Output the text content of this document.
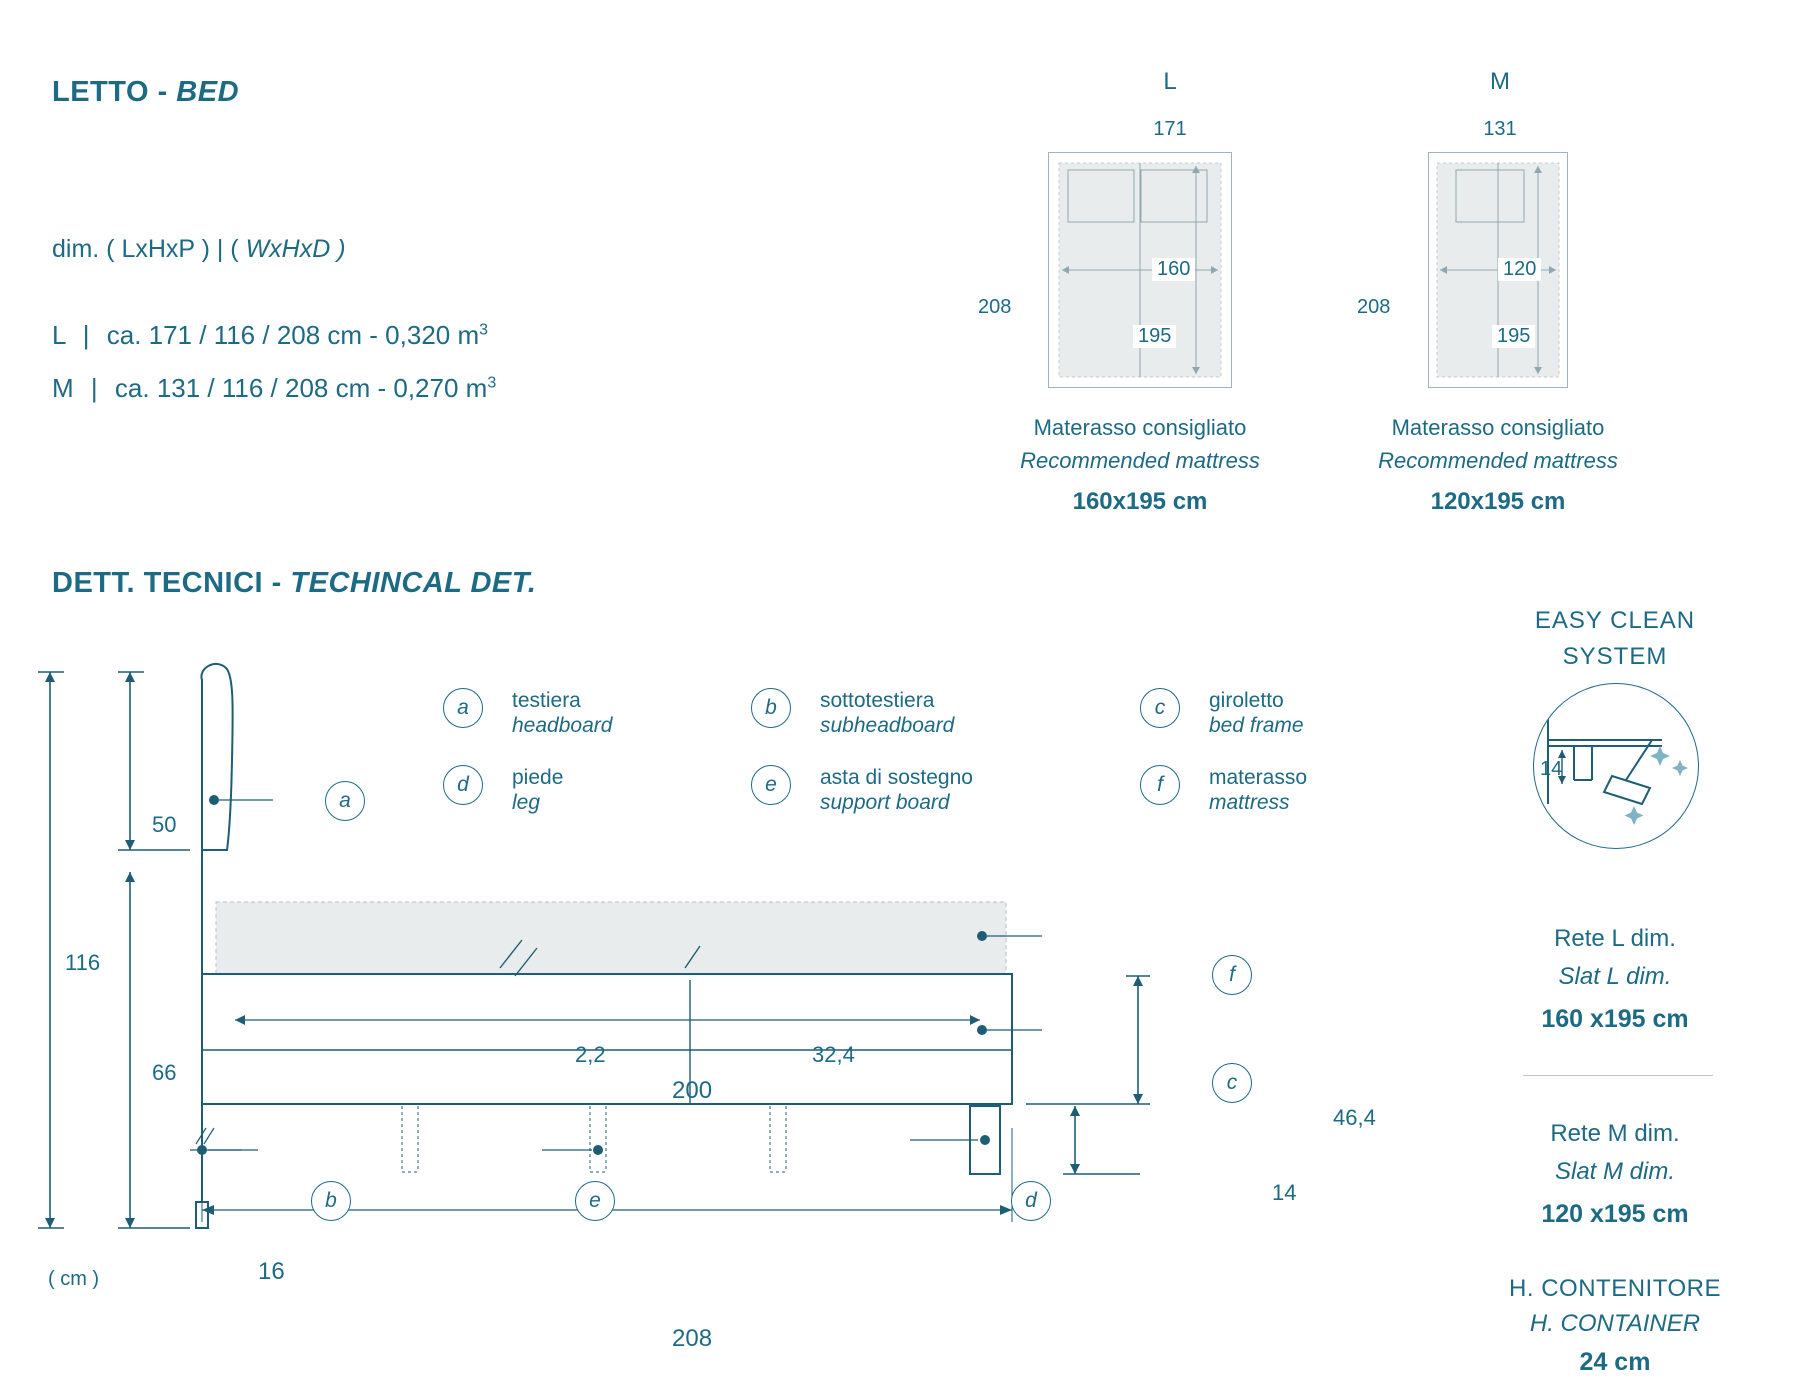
LETTO - BED
dim. ( LxHxP ) | ( WxHxD )
L | ca. 171 / 116 / 208 cm - 0,320 $m^3$
M | ca. 131 / 116 / 208 cm - 0,270 $m^3$
L
171
208
160
195
Materasso consigliato
Recommended mattress
160x195 cm
M
131
208
120
195
Materasso consigliato
Recommended mattress
120x195 cm
DETT. TECNICI - TECHINCAL DET.
a	testiera
headboard
b	sottotestiera
subheadboard
c	giroletto
bed frame
d	piede
leg
e	asta di sostegno
support board
f	materasso
mattress
50
116
66
2,2	32,4
200
46,4
14
16
208
( cm )
a
b
c
d
e
f
EASY CLEAN
SYSTEM
14
Rete L dim.
Slat L dim.
160 x195 cm
Rete M dim.
Slat M dim.
120 x195 cm
H. CONTENITORE
H. CONTAINER
24 cm
